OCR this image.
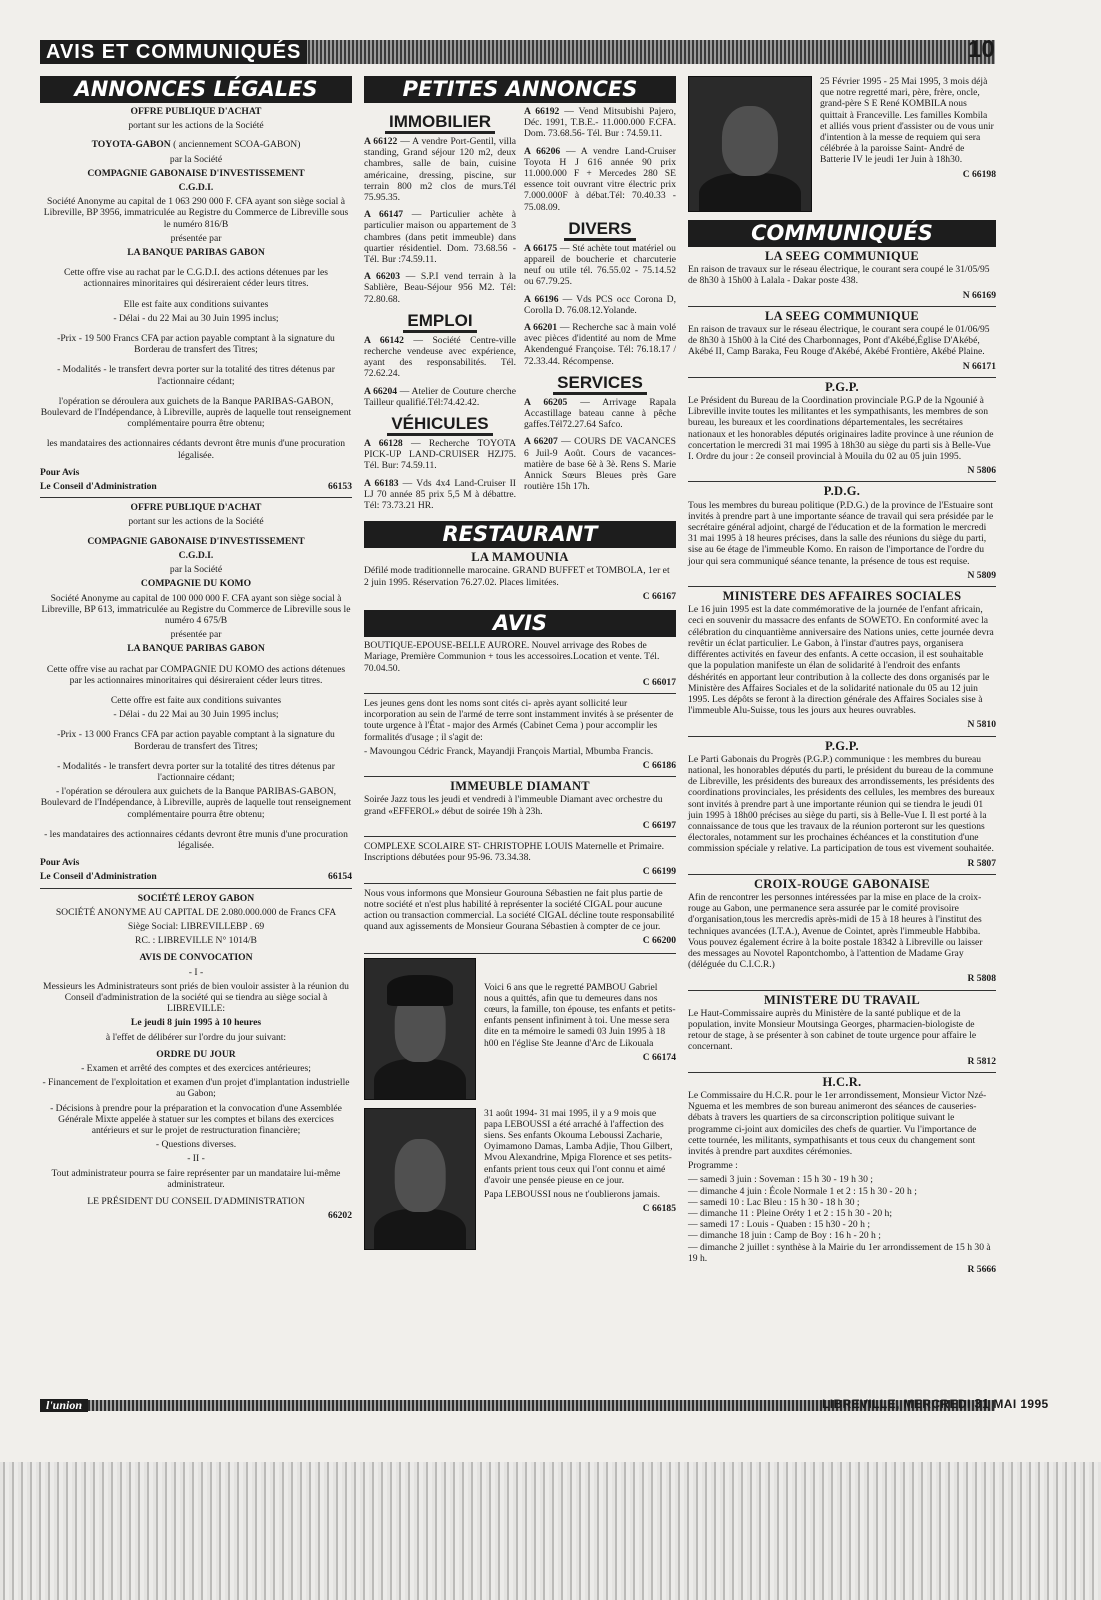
AVIS ET COMMUNIQUÉS	10
ANNONCES LÉGALES

OFFRE PUBLIQUE D'ACHAT

portant sur les actions de la Société

TOYOTA-GABON ( anciennement SCOA-GABON)

par la Société

COMPAGNIE GABONAISE D'INVESTISSEMENT

C.G.D.I.

Société Anonyme au capital de 1 063 290 000 F. CFA ayant son siège social à Libreville, BP 3956, immatriculée au Registre du Commerce de Libreville sous le numéro 816/B

présentée par

LA BANQUE PARIBAS GABON

Cette offre vise au rachat par le C.G.D.I. des actions détenues par les actionnaires minoritaires qui désireraient céder leurs titres.

Elle est faite aux conditions suivantes

- Délai - du 22 Mai au 30 Juin 1995 inclus;

-Prix - 19 500 Francs CFA par action payable comptant à la signature du Borderau de transfert des Titres;

- Modalités - le transfert devra porter sur la totalité des titres détenus par l'actionnaire cédant;

l'opération se déroulera aux guichets de la Banque PARIBAS-GABON, Boulevard de l'Indépendance, à Libreville, auprès de laquelle tout renseignement complémentaire pourra être obtenu;

les mandataires des actionnaires cédants devront être munis d'une procuration légalisée.

Pour Avis

Le Conseil d'Administration	66153

OFFRE PUBLIQUE D'ACHAT

portant sur les actions de la Société

COMPAGNIE GABONAISE D'INVESTISSEMENT

C.G.D.I.

par la Société

COMPAGNIE DU KOMO

Société Anonyme au capital de 100 000 000 F. CFA ayant son siège social à Libreville, BP 613, immatriculée au Registre du Commerce de Libreville sous le numéro 4 675/B

présentée par

LA BANQUE PARIBAS GABON

Cette offre vise au rachat par COMPAGNIE DU KOMO des actions détenues par les actionnaires minoritaires qui désireraient céder leurs titres.

Cette offre est faite aux conditions suivantes

- Délai - du 22 Mai au 30 Juin 1995 inclus;

-Prix - 13 000 Francs CFA par action payable comptant à la signature du Borderau de transfert des Titres;

- Modalités - le transfert devra porter sur la totalité des titres détenus par l'actionnaire cédant;

- l'opération se déroulera aux guichets de la Banque PARIBAS-GABON, Boulevard de l'Indépendance, à Libreville, auprès de laquelle tout renseignement complémentaire pourra être obtenu;

- les mandataires des actionnaires cédants devront être munis d'une procuration légalisée.

Pour Avis

Le Conseil d'Administration	66154

SOCIÉTÉ LEROY GABON

SOCIÉTÉ ANONYME AU CAPITAL DE 2.080.000.000 de Francs CFA

Siège Social: LIBREVILLEBP . 69

RC. : LIBREVILLE N° 1014/B

AVIS DE CONVOCATION

- I -

Messieurs les Administrateurs sont priés de bien vouloir assister à la réunion du Conseil d'administration de la société qui se tiendra au siège social à LIBREVILLE:

Le jeudi 8 juin 1995 à 10 heures

à l'effet de délibérer sur l'ordre du jour suivant:

ORDRE DU JOUR

- Examen et arrêté des comptes et des exercices antérieures;

- Financement de l'exploitation et examen d'un projet d'implantation industrielle au Gabon;

- Décisions à prendre pour la préparation et la convocation d'une Assemblée Générale Mixte appelée à statuer sur les comptes et bilans des exercices antérieurs et sur le projet de restructuration financière;

- Questions diverses.

- II -

Tout administrateur pourra se faire représenter par un mandataire lui-même administrateur.

LE PRÉSIDENT DU CONSEIL D'ADMINISTRATION

66202

PETITES ANNONCES
IMMOBILIER

A 66122 — A vendre Port-Gentil, villa standing, Grand séjour 120 m2, deux chambres, salle de bain, cuisine américaine, dressing, piscine, sur terrain 800 m2 clos de murs.Tél 75.95.35.

A 66147 — Particulier achète à particulier maison ou appartement de 3 chambres (dans petit immeuble) dans quartier résidentiel. Dom. 73.68.56 - Tél. Bur :74.59.11.

A 66203 — S.P.I vend terrain à la Sablière, Beau-Séjour 956 M2. Tél: 72.80.68.

EMPLOI

A 66142 — Société Centre-ville recherche vendeuse avec expérience, ayant des responsabilités. Tél. 72.62.24.

A 66204 — Atelier de Couture cherche Tailleur qualifié.Tél:74.42.42.

VÉHICULES

A 66128 — Recherche TOYOTA PICK-UP LAND-CRUISER HZJ75. Tél. Bur: 74.59.11.

A 66183 — Vds 4x4 Land-Cruiser II LJ 70 année 85 prix 5,5 M à débattre. Tél: 73.73.21 HR.

A 66192 — Vend Mitsubishi Pajero, Déc. 1991, T.B.E.- 11.000.000 F.CFA. Dom. 73.68.56- Tél. Bur : 74.59.11.

A 66206 — A vendre Land-Cruiser Toyota H J 616 année 90 prix 11.000.000 F + Mercedes 280 SE essence toit ouvrant vitre électric prix 7.000.000F à débat.Tél: 70.40.33 - 75.08.09.

DIVERS

A 66175 — Sté achète tout matériel ou appareil de boucherie et charcuterie neuf ou utile tél. 76.55.02 - 75.14.52 ou 67.79.25.

A 66196 — Vds PCS occ Corona D, Corolla D. 76.08.12.Yolande.

A 66201 — Recherche sac à main volé avec pièces d'identité au nom de Mme Akendengué Françoise. Tél: 76.18.17 / 72.33.44. Récompense.

SERVICES

A 66205 — Arrivage Rapala Accastillage bateau canne à pêche gaffes.Tél72.27.64 Safco.

A 66207 — COURS DE VACANCES 6 Juil-9 Août. Cours de vacances- matière de base 6è à 3è. Rens S. Marie Annick Sœurs Bleues près Gare routière 15h 17h.

RESTAURANT

LA MAMOUNIA

Défilé mode traditionnelle marocaine. GRAND BUFFET et TOMBOLA, 1er et 2 juin 1995. Réservation 76.27.02. Places limitées.

C 66167

AVIS

BOUTIQUE-EPOUSE-BELLE AURORE. Nouvel arrivage des Robes de Mariage, Première Communion + tous les accessoires.Location et vente. Tél. 70.04.50.

C 66017

Les jeunes gens dont les noms sont cités ci- après ayant sollicité leur incorporation au sein de l'armé de terre sont instamment invités à se présenter de toute urgence à l'État - major des Armés (Cabinet Cema ) pour accomplir les formalités d'usage ; il s'agit de:

- Mavoungou Cédric Franck, Mayandji François Martial, Mbumba Francis.

C 66186

IMMEUBLE DIAMANT

Soirée Jazz tous les jeudi et vendredi à l'immeuble Diamant avec orchestre du grand «EFFEROL» début de soirée 19h à 23h.

C 66197

COMPLEXE SCOLAIRE ST- CHRISTOPHE LOUIS Maternelle et Primaire. Inscriptions débutées pour 95-96. 73.34.38.

C 66199

Nous vous informons que Monsieur Gourouna Sébastien ne fait plus partie de notre société et n'est plus habilité à représenter la société CIGAL pour aucune action ou transaction commercial. La société CIGAL décline toute responsabilité quand aux agissements de Monsieur Gourana Sébastien à compter de ce jour.

C 66200

Voici 6 ans que le regretté PAMBOU Gabriel nous a quittés, afin que tu demeures dans nos cœurs, la famille, ton épouse, tes enfants et petits-enfants pensent infiniment à toi. Une messe sera dite en ta mémoire le samedi 03 Juin 1995 à 18 h00 en l'église Ste Jeanne d'Arc de Likouala

C 66174

31 août 1994- 31 mai 1995, il y a 9 mois que papa LEBOUSSI a été arraché à l'affection des siens. Ses enfants Okouma Leboussi Zacharie, Oyimamono Damas, Lamba Adjie, Thou Gilbert, Mvou Alexandrine, Mpiga Florence et ses petits- enfants prient tous ceux qui l'ont connu et aimé d'avoir une pensée pieuse en ce jour.

Papa LEBOUSSI nous ne t'oublierons jamais.

C 66185

25 Février 1995 - 25 Mai 1995, 3 mois déjà que notre regretté mari, père, frère, oncle, grand-père S E René KOMBILA nous quittait à Franceville. Les familles Kombila et alliés vous prient d'assister ou de vous unir d'intention à la messe de requiem qui sera célébrée à la paroisse Saint- André de Batterie IV le jeudi 1er Juin à 18h30.

C 66198

COMMUNIQUÉS

LA SEEG COMMUNIQUE

En raison de travaux sur le réseau électrique, le courant sera coupé le 31/05/95 de 8h30 à 15h00 à Lalala - Dakar poste 438.

N 66169

LA SEEG COMMUNIQUE

En raison de travaux sur le réseau électrique, le courant sera coupé le 01/06/95 de 8h30 à 15h00 à la Cité des Charbonnages, Pont d'Akébé,Église D'Akébé, Akébé II, Camp Baraka, Feu Rouge d'Akébé, Akébé Frontière, Akébé Plaine.

N 66171

P.G.P.

Le Président du Bureau de la Coordination provinciale P.G.P de la Ngounié à Libreville invite toutes les militantes et les sympathisants, les membres de son bureau, les bureaux et les coordinations départementales, les secrétaires nationaux et les honorables députés originaires ladite province à une réunion de concertation le mercredi 31 mai 1995 à 18h30 au siège du parti sis à Belle-Vue I. Ordre du jour : 2e conseil provincial à Mouila du 02 au 05 juin 1995.

N 5806

P.D.G.

Tous les membres du bureau politique (P.D.G.) de la province de l'Estuaire sont invités à prendre part à une importante séance de travail qui sera présidée par le secrétaire général adjoint, chargé de l'éducation et de la formation le mercredi 31 mai 1995 à 18 heures précises, dans la salle des réunions du siège du parti, sise au 6e étage de l'immeuble Komo. En raison de l'importance de l'ordre du jour qui sera communiqué séance tenante, la présence de tous est requise.

N 5809

MINISTERE DES AFFAIRES SOCIALES

Le 16 juin 1995 est la date commémorative de la journée de l'enfant africain, ceci en souvenir du massacre des enfants de SOWETO. En conformité avec la célébration du cinquantième anniversaire des Nations unies, cette journée devra revêtir un éclat particulier. Le Gabon, à l'instar d'autres pays, organisera différentes activités en faveur des enfants. A cette occasion, il est souhaitable que la population manifeste un élan de solidarité à l'endroit des enfants déshérités en apportant leur contribution à la collecte des dons organisés par le Ministère des Affaires Sociales et de la solidarité nationale du 05 au 12 juin 1995. Les dépôts se feront à la direction générale des Affaires Sociales sise à l'immeuble Alu-Suisse, tous les jours aux heures ouvrables.

N 5810

P.G.P.

Le Parti Gabonais du Progrès (P.G.P.) communique : les membres du bureau national, les honorables députés du parti, le président du bureau de la commune de Libreville, les présidents des bureaux des arrondissements, les présidents des coordinations provinciales, les présidents des cellules, les membres des bureaux sont invités à prendre part à une importante réunion qui se tiendra le jeudi 01 juin 1995 à 18h00 précises au siège du parti, sis à Belle-Vue I. Il est porté à la connaissance de tous que les travaux de la réunion porteront sur les questions électorales, notamment sur les prochaines échéances et la constitution d'une commission spéciale y relative. La participation de tous est vivement souhaitée.

R 5807

CROIX-ROUGE GABONAISE

Afin de rencontrer les personnes intéressées par la mise en place de la croix-rouge au Gabon, une permanence sera assurée par le comité provisoire d'organisation,tous les mercredis après-midi de 15 à 18 heures à l'institut des techniques avancées (I.T.A.), Avenue de Cointet, après l'immeuble Habbiba. Vous pouvez également écrire à la boite postale 18342 à Libreville ou laisser des messages au Novotel Rapontchombo, à l'attention de Madame Gray (déléguée du C.I.C.R.)

R 5808

MINISTERE DU TRAVAIL

Le Haut-Commissaire auprès du Ministère de la santé publique et de la population, invite Monsieur Moutsinga Georges, pharmacien-biologiste de retour de stage, à se présenter à son cabinet de toute urgence pour affaire le concernant.

R 5812

H.C.R.

Le Commissaire du H.C.R. pour le 1er arrondissement, Monsieur Victor Nzé-Nguema et les membres de son bureau animeront des séances de causeries-débats à travers les quartiers de sa circonscription politique suivant le programme ci-joint aux domiciles des chefs de quartier. Vu l'importance de cette tournée, les militants, sympathisants et tous ceux du changement sont invités à prendre part auxdites cérémonies.

Programme :

— samedi 3 juin : Soveman : 15 h 30 - 19 h 30 ;

— dimanche 4 juin : École Normale 1 et 2 : 15 h 30 - 20 h ;

— samedi 10 : Lac Bleu : 15 h 30 - 18 h 30 ;

— dimanche 11 : Pleine Oréty 1 et 2 : 15 h 30 - 20 h;

— samedi 17 : Louis - Quaben : 15 h30 - 20 h ;

— dimanche 18 juin : Camp de Boy : 16 h - 20 h ;

— dimanche 2 juillet : synthèse à la Mairie du 1er arrondissement de 15 h 30 à 19 h.

R 5666

l'union	LIBREVILLE, MERCREDI 31 MAI 1995
